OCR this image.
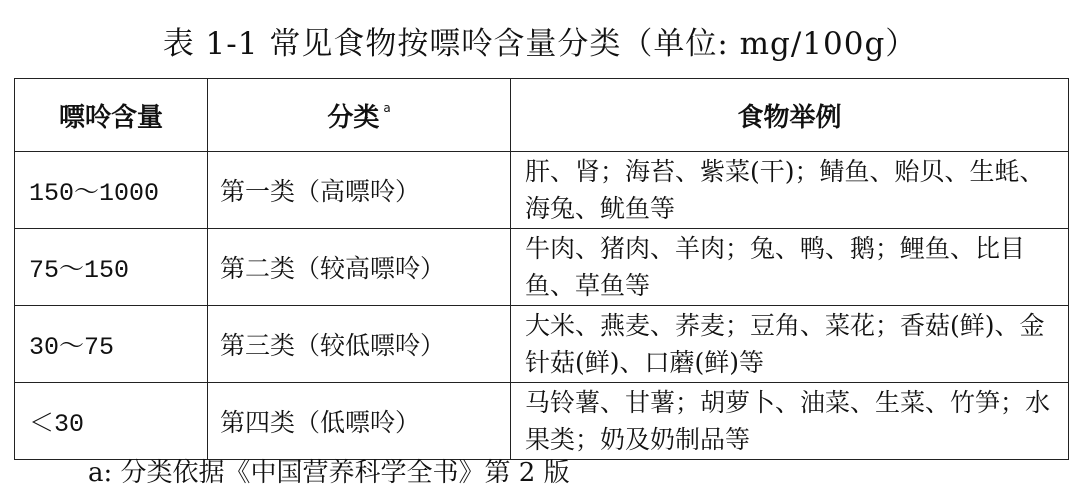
表 1-1 常见食物按嘌呤含量分类（单位: mg/100g）
嘌呤含量	分类 $^a$	食物举例
150～1000	第一类（高嘌呤）	肝、肾；海苔、紫菜(干)；鲭鱼、贻贝、生蚝、海兔、鱿鱼等
75～150	第二类（较高嘌呤）	牛肉、猪肉、羊肉；兔、鸭、鹅；鲤鱼、比目鱼、草鱼等
30～75	第三类（较低嘌呤）	大米、燕麦、荞麦；豆角、菜花；香菇(鲜)、金针菇(鲜)、口蘑(鲜)等
＜30	第四类（低嘌呤）	马铃薯、甘薯；胡萝卜、油菜、生菜、竹笋；水果类；奶及奶制品等
a: 分类依据《中国营养科学全书》第 2 版
